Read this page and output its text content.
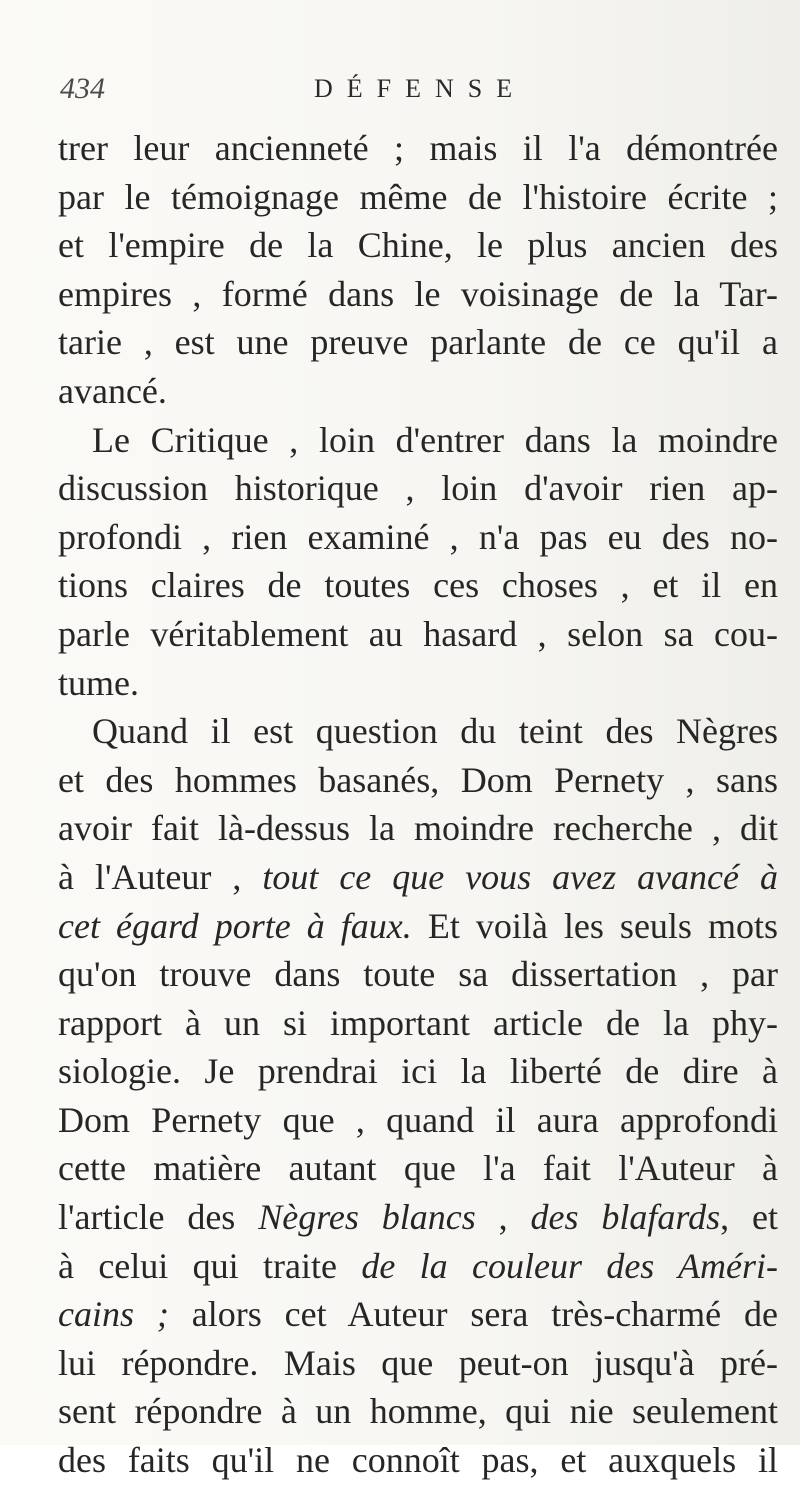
434	DÉFENSE
trer leur ancienneté ; mais il l'a démontrée
par le témoignage même de l'histoire écrite ;
et l'empire de la Chine, le plus ancien des
empires , formé dans le voisinage de la Tar-
tarie , est une preuve parlante de ce qu'il a
avancé.
Le Critique , loin d'entrer dans la moindre
discussion historique , loin d'avoir rien ap-
profondi , rien examiné , n'a pas eu des no-
tions claires de toutes ces choses , et il en
parle véritablement au hasard , selon sa cou-
tume.
Quand il est question du teint des Nègres
et des hommes basanés, Dom Pernety , sans
avoir fait là-dessus la moindre recherche , dit
à l'Auteur , tout ce que vous avez avancé à
cet égard porte à faux. Et voilà les seuls mots
qu'on trouve dans toute sa dissertation , par
rapport à un si important article de la phy-
siologie. Je prendrai ici la liberté de dire à
Dom Pernety que , quand il aura approfondi
cette matière autant que l'a fait l'Auteur à
l'article des Nègres blancs , des blafards, et
à celui qui traite de la couleur des Améri-
cains ; alors cet Auteur sera très-charmé de
lui répondre. Mais que peut-on jusqu'à pré-
sent répondre à un homme, qui nie seulement
des faits qu'il ne connoît pas, et auxquels il
